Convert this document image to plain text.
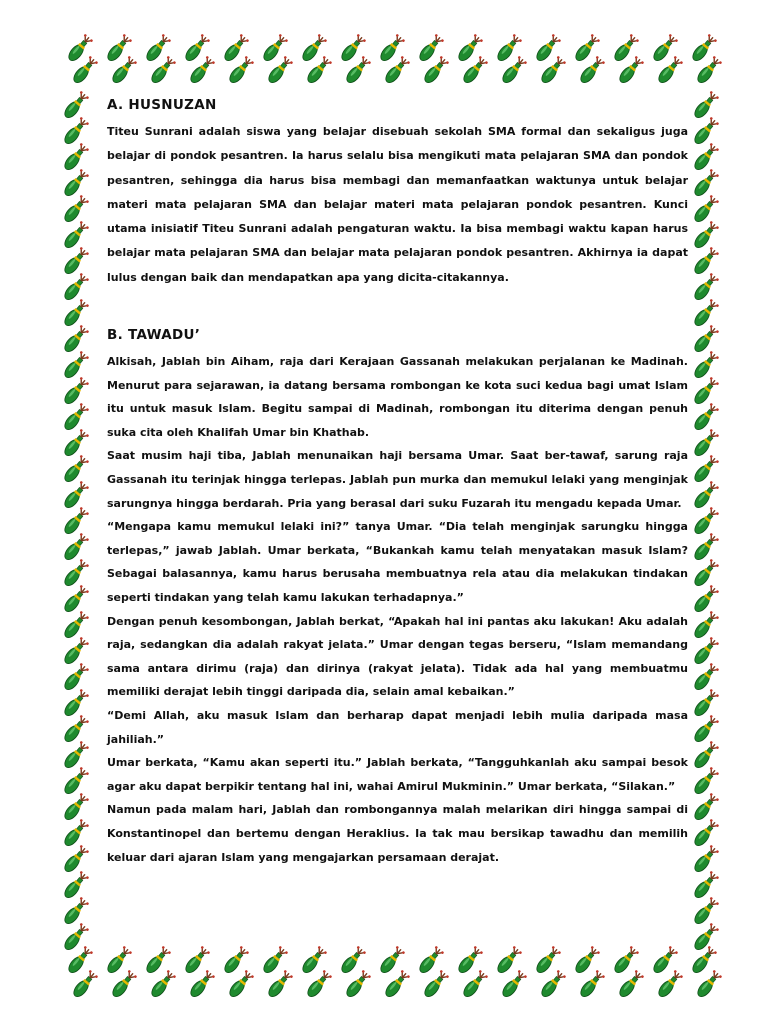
A. HUSNUZAN

Titeu Sunrani adalah siswa yang belajar disebuah sekolah SMA formal dan sekaligus juga belajar di pondok pesantren. Ia harus selalu bisa mengikuti mata pelajaran SMA dan pondok pesantren, sehingga dia harus bisa membagi dan memanfaatkan waktunya untuk belajar materi mata pelajaran SMA dan belajar materi mata pelajaran pondok pesantren. Kunci utama inisiatif Titeu Sunrani adalah pengaturan waktu. Ia bisa membagi waktu kapan harus belajar mata pelajaran SMA dan belajar mata pelajaran pondok pesantren. Akhirnya ia dapat lulus dengan baik dan mendapatkan apa yang dicita-citakannya.

B. TAWADU’

Alkisah, Jablah bin Aiham, raja dari Kerajaan Gassanah melakukan perjalanan ke Madinah. Menurut para sejarawan, ia datang bersama rombongan ke kota suci kedua bagi umat Islam itu untuk masuk Islam. Begitu sampai di Madinah, rombongan itu diterima dengan penuh suka cita oleh Khalifah Umar bin Khathab.

Saat musim haji tiba, Jablah menunaikan haji bersama Umar. Saat ber-tawaf, sarung raja Gassanah itu terinjak hingga terlepas. Jablah pun murka dan memukul lelaki yang menginjak sarungnya hingga berdarah. Pria yang berasal dari suku Fuzarah itu mengadu kepada Umar.

“Mengapa kamu memukul lelaki ini?” tanya Umar. “Dia telah menginjak sarungku hingga terlepas,” jawab Jablah. Umar berkata, “Bukankah kamu telah menyatakan masuk Islam? Sebagai balasannya, kamu harus berusaha membuatnya rela atau dia melakukan tindakan seperti tindakan yang telah kamu lakukan terhadapnya.”

Dengan penuh kesombongan, Jablah berkat, “Apakah hal ini pantas aku lakukan! Aku adalah raja, sedangkan dia adalah rakyat jelata.” Umar dengan tegas berseru, “Islam memandang sama antara dirimu (raja) dan dirinya (rakyat jelata). Tidak ada hal yang membuatmu memiliki derajat lebih tinggi daripada dia, selain amal kebaikan.”

“Demi Allah, aku masuk Islam dan berharap dapat menjadi lebih mulia daripada masa jahiliah.”

Umar berkata, “Kamu akan seperti itu.” Jablah berkata, “Tangguhkanlah aku sampai besok agar aku dapat berpikir tentang hal ini, wahai Amirul Mukminin.” Umar berkata, “Silakan.”

Namun pada malam hari, Jablah dan rombongannya malah melarikan diri hingga sampai di Konstantinopel dan bertemu dengan Heraklius. Ia tak mau bersikap tawadhu dan memilih keluar dari ajaran Islam yang mengajarkan persamaan derajat.
